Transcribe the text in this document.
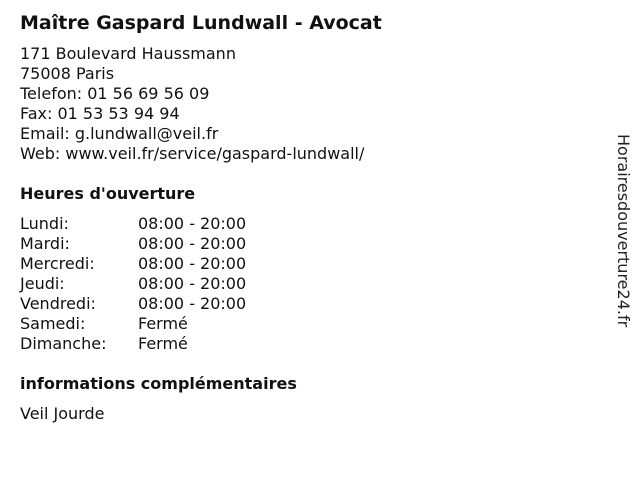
Maître Gaspard Lundwall - Avocat
171 Boulevard Haussmann
75008 Paris
Telefon: 01 56 69 56 09
Fax: 01 53 53 94 94
Email: g.lundwall@veil.fr
Web: www.veil.fr/service/gaspard-lundwall/
Heures d'ouverture
Lundi:	08:00 - 20:00
Mardi:	08:00 - 20:00
Mercredi:	08:00 - 20:00
Jeudi:	08:00 - 20:00
Vendredi:	08:00 - 20:00
Samedi:	Fermé
Dimanche:	Fermé
informations complémentaires
Veil Jourde
Horairesdouverture24.fr
